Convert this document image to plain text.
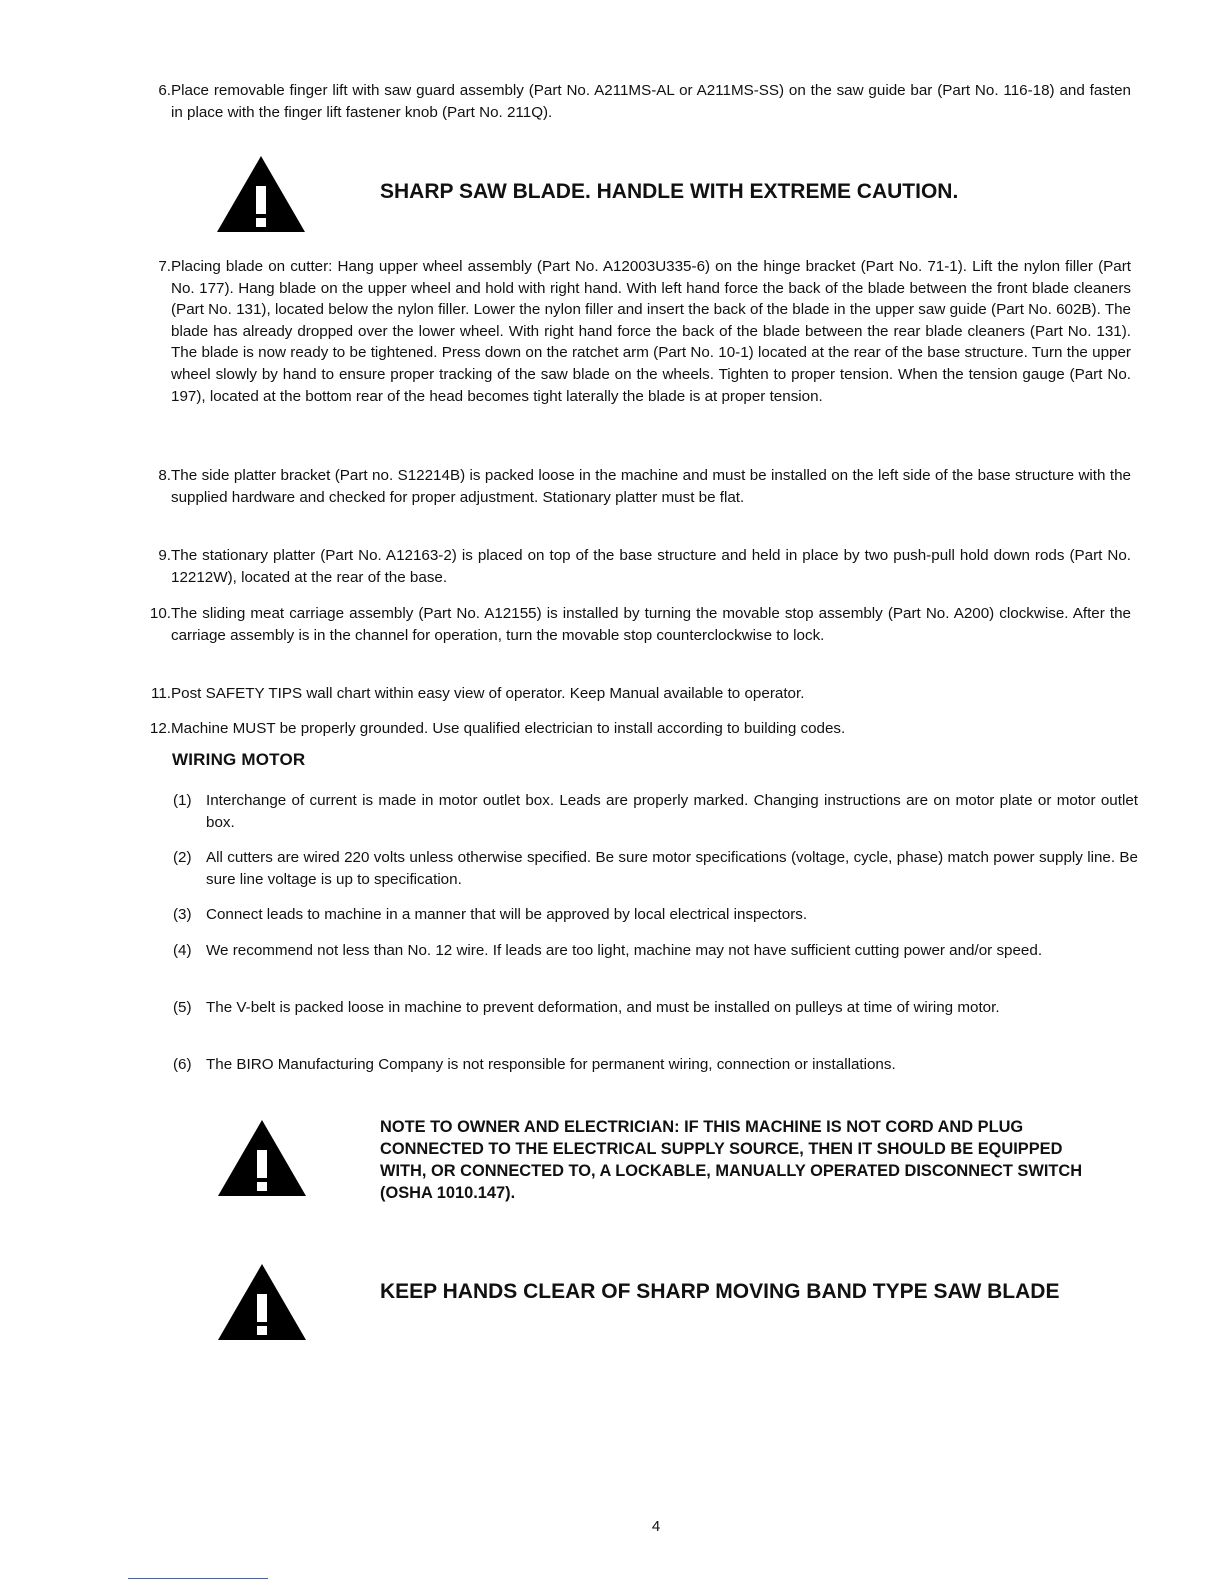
6. Place removable finger lift with saw guard assembly (Part No. A211MS-AL or A211MS-SS) on the saw guide bar (Part No. 116-18) and fasten in place with the finger lift fastener knob (Part No. 211Q).
SHARP SAW BLADE. HANDLE WITH EXTREME CAUTION.
7. Placing blade on cutter: Hang upper wheel assembly (Part No. A12003U335-6) on the hinge bracket (Part No. 71-1). Lift the nylon filler (Part No. 177). Hang blade on the upper wheel and hold with right hand. With left hand force the back of the blade between the front blade cleaners (Part No. 131), located below the nylon filler. Lower the nylon filler and insert the back of the blade in the upper saw guide (Part No. 602B). The blade has already dropped over the lower wheel. With right hand force the back of the blade between the rear blade cleaners (Part No. 131). The blade is now ready to be tightened. Press down on the ratchet arm (Part No. 10-1) located at the rear of the base structure. Turn the upper wheel slowly by hand to ensure proper tracking of the saw blade on the wheels. Tighten to proper tension. When the tension gauge (Part No. 197), located at the bottom rear of the head becomes tight laterally the blade is at proper tension.
8. The side platter bracket (Part no. S12214B) is packed loose in the machine and must be installed on the left side of the base structure with the supplied hardware and checked for proper adjustment. Stationary platter must be flat.
9. The stationary platter (Part No. A12163-2) is placed on top of the base structure and held in place by two push-pull hold down rods (Part No. 12212W), located at the rear of the base.
10. The sliding meat carriage assembly (Part No. A12155) is installed by turning the movable stop assembly (Part No. A200) clockwise. After the carriage assembly is in the channel for operation, turn the movable stop counterclockwise to lock.
11. Post SAFETY TIPS wall chart within easy view of operator. Keep Manual available to operator.
12. Machine MUST be properly grounded. Use qualified electrician to install according to building codes.
WIRING MOTOR
(1) Interchange of current is made in motor outlet box. Leads are properly marked. Changing instructions are on motor plate or motor outlet box.
(2) All cutters are wired 220 volts unless otherwise specified. Be sure motor specifications (voltage, cycle, phase) match power supply line. Be sure line voltage is up to specification.
(3) Connect leads to machine in a manner that will be approved by local electrical inspectors.
(4) We recommend not less than No. 12 wire. If leads are too light, machine may not have sufficient cutting power and/or speed.
(5) The V-belt is packed loose in machine to prevent deformation, and must be installed on pulleys at time of wiring motor.
(6) The BIRO Manufacturing Company is not responsible for permanent wiring, connection or installations.
NOTE TO OWNER AND ELECTRICIAN: IF THIS MACHINE IS NOT CORD AND PLUG CONNECTED TO THE ELECTRICAL SUPPLY SOURCE, THEN IT SHOULD BE EQUIPPED WITH, OR CONNECTED TO, A LOCKABLE, MANUALLY OPERATED DISCONNECT SWITCH (OSHA 1010.147).
KEEP HANDS CLEAR OF SHARP MOVING BAND TYPE SAW BLADE
4
